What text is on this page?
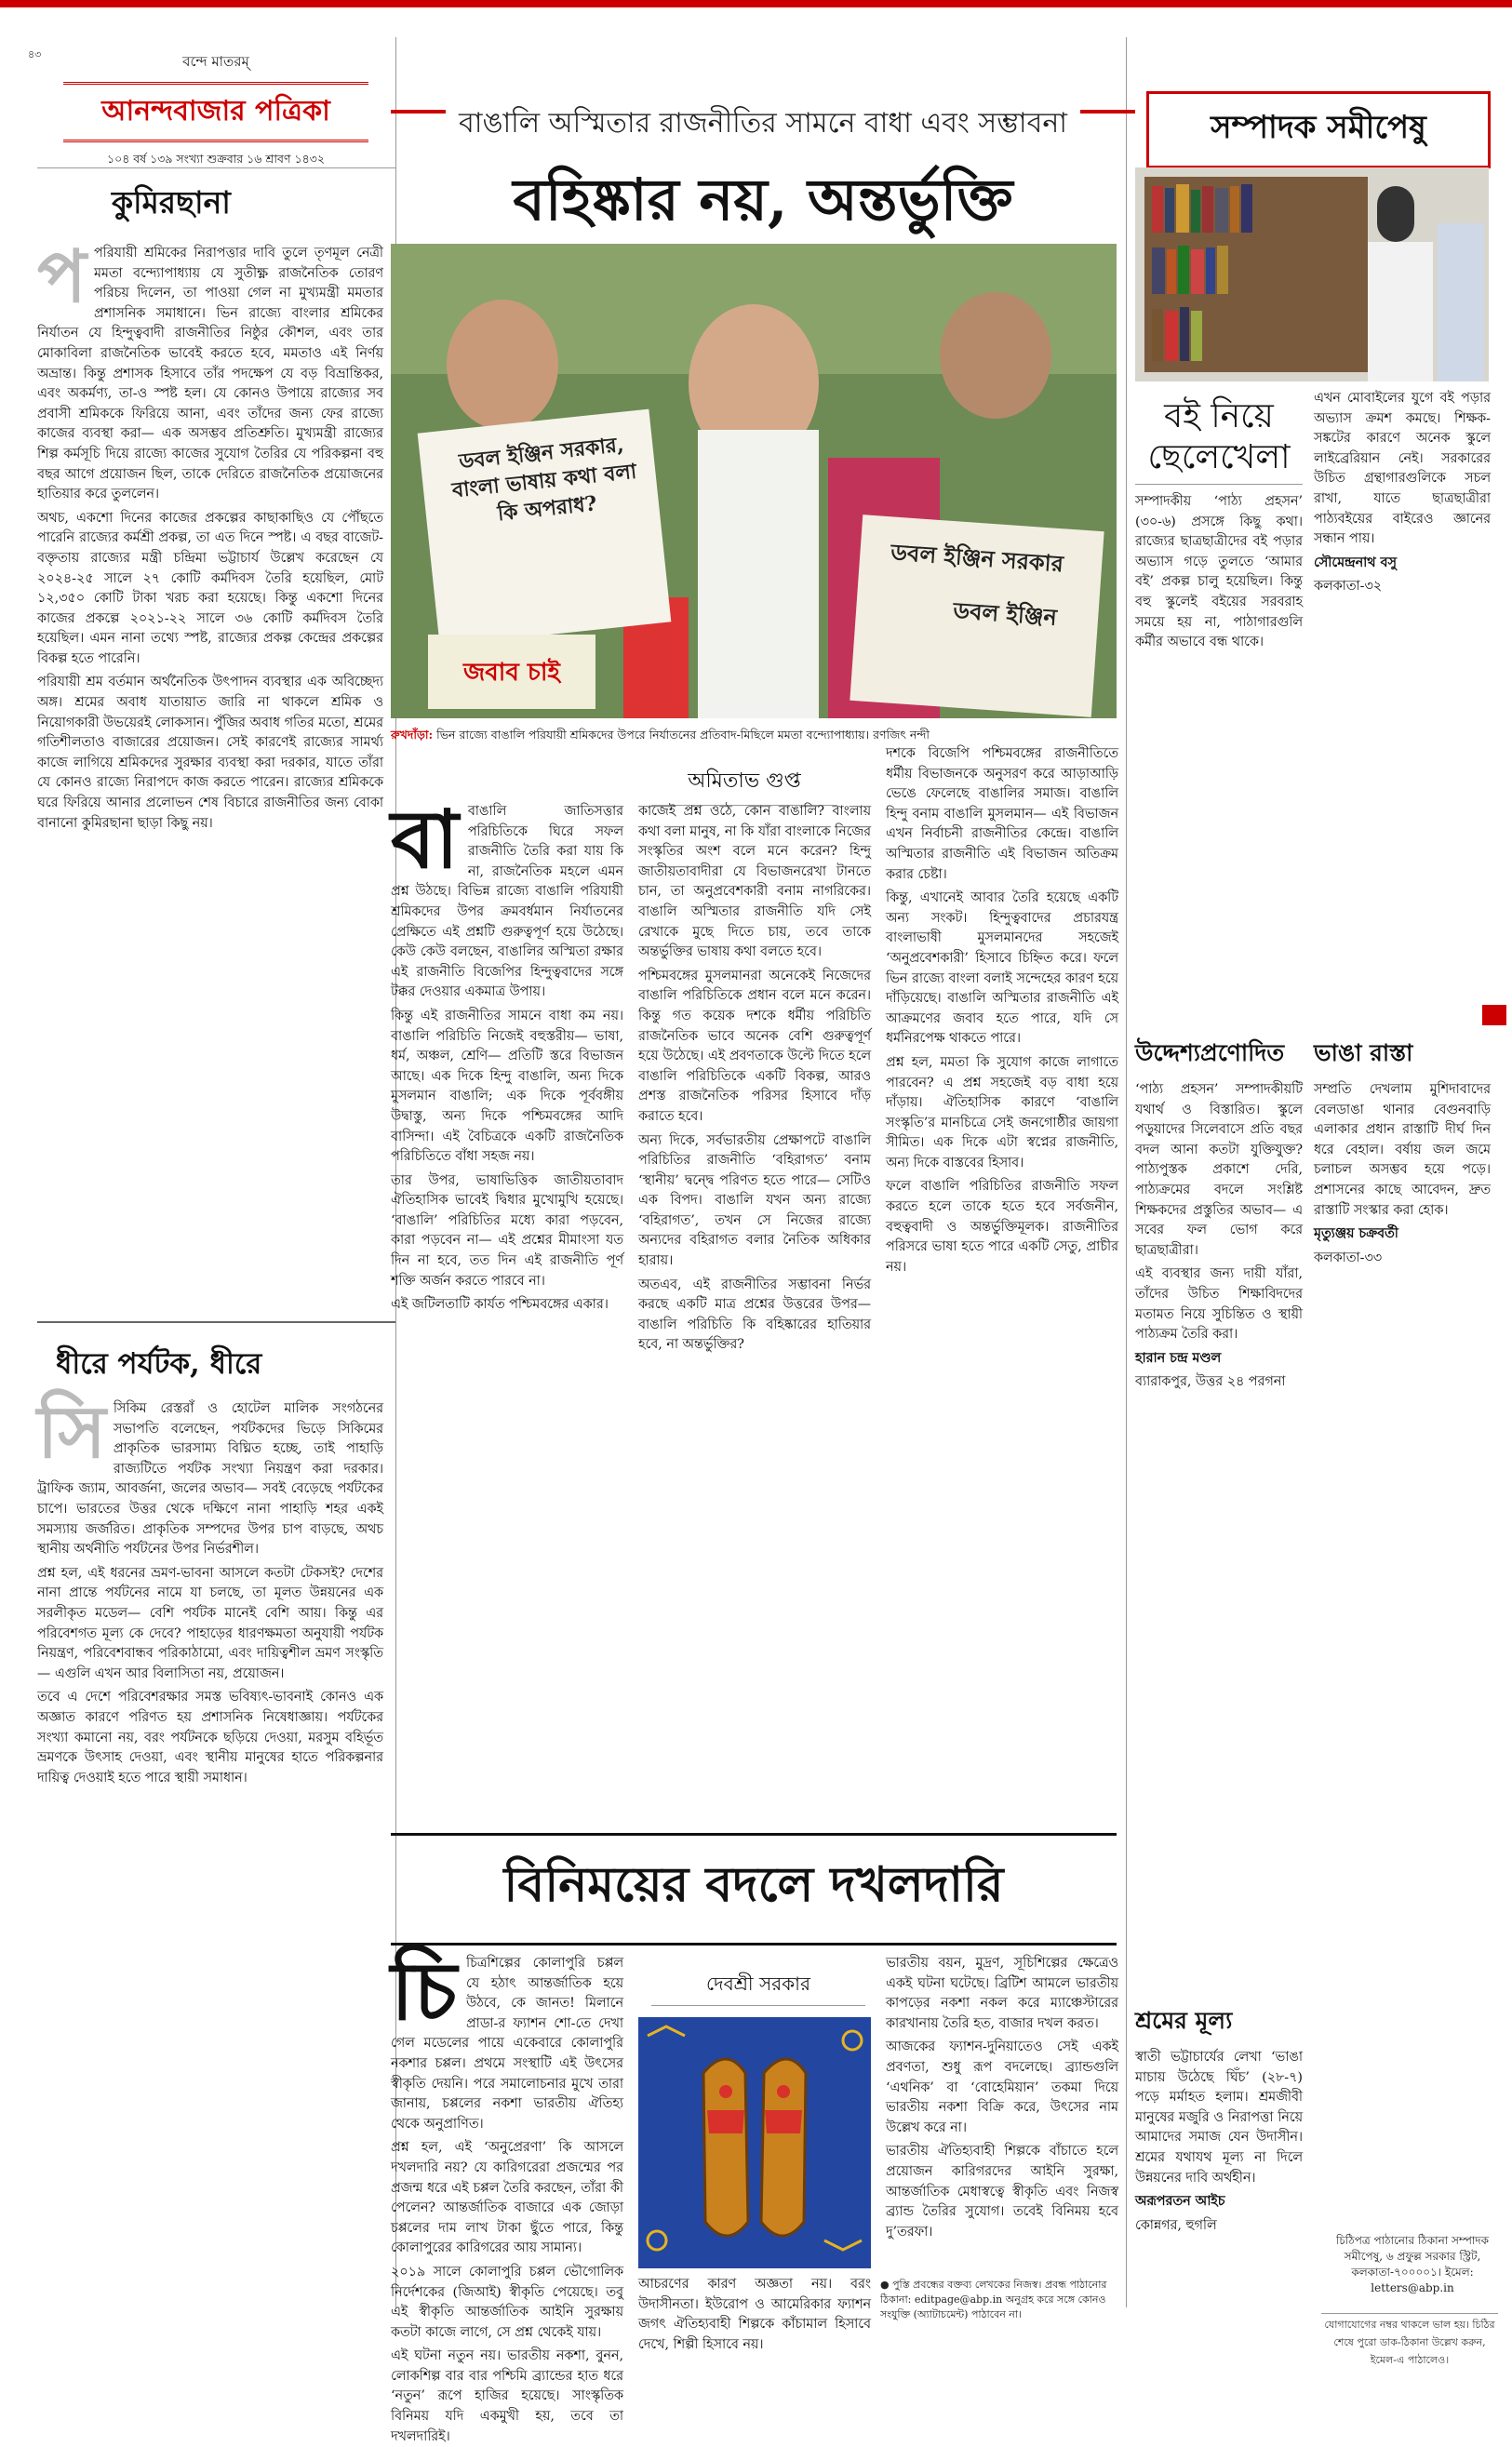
৪৩	বন্দে মাতরম্‌
আনন্দবাজার পত্রিকা
১০৪ বর্ষ ১৩৯ সংখ্যা শুক্রবার ১৬ শ্রাবণ ১৪৩২
কুমিরছানা
প পরিযায়ী শ্রমিকের নিরাপত্তার দাবি তুলে তৃণমূল নেত্রী মমতা বন্দ্যোপাধ্যায় যে সুতীক্ষ্ণ রাজনৈতিক তোরণ পরিচয় দিলেন, তা পাওয়া গেল না মুখ্যমন্ত্রী মমতার প্রশাসনিক সমাধানে। ভিন রাজ্যে বাংলার শ্রমিকের নির্যাতন যে হিন্দুত্ববাদী রাজনীতির নিষ্ঠুর কৌশল, এবং তার মোকাবিলা রাজনৈতিক ভাবেই করতে হবে, মমতাও এই নির্ণয় অভ্রান্ত। কিন্তু প্রশাসক হিসাবে তাঁর পদক্ষেপ যে বড় বিভ্রান্তিকর, এবং অকর্মণ্য, তা-ও স্পষ্ট হল। যে কোনও উপায়ে রাজ্যের সব প্রবাসী শ্রমিককে ফিরিয়ে আনা, এবং তাঁদের জন্য ফের রাজ্যে কাজের ব্যবস্থা করা— এক অসম্ভব প্রতিশ্রুতি। মুখ্যমন্ত্রী রাজ্যের শিল্প কর্মসূচি দিয়ে রাজ্যে কাজের সুযোগ তৈরির যে পরিকল্পনা বহু বছর আগে প্রয়োজন ছিল, তাকে দেরিতে রাজনৈতিক প্রয়োজনের হাতিয়ার করে তুললেন।

অথচ, একশো দিনের কাজের প্রকল্পের কাছাকাছিও যে পৌঁছতে পারেনি রাজ্যের কর্মশ্রী প্রকল্প, তা এত দিনে স্পষ্ট। এ বছর বাজেট-বক্তৃতায় রাজ্যের মন্ত্রী চন্দ্রিমা ভট্টাচার্য উল্লেখ করেছেন যে ২০২৪-২৫ সালে ২৭ কোটি কর্মদিবস তৈরি হয়েছিল, মোট ১২,৩৫০ কোটি টাকা খরচ করা হয়েছে। কিন্তু একশো দিনের কাজের প্রকল্পে ২০২১-২২ সালে ৩৬ কোটি কর্মদিবস তৈরি হয়েছিল। এমন নানা তথ্যে স্পষ্ট, রাজ্যের প্রকল্প কেন্দ্রের প্রকল্পের বিকল্প হতে পারেনি।

পরিযায়ী শ্রম বর্তমান অর্থনৈতিক উৎপাদন ব্যবস্থার এক অবিচ্ছেদ্য অঙ্গ। শ্রমের অবাধ যাতায়াত জারি না থাকলে শ্রমিক ও নিয়োগকারী উভয়েরই লোকসান। পুঁজির অবাধ গতির মতো, শ্রমের গতিশীলতাও বাজারের প্রয়োজন। সেই কারণেই রাজ্যের সামর্থ্য কাজে লাগিয়ে শ্রমিকদের সুরক্ষার ব্যবস্থা করা দরকার, যাতে তাঁরা যে কোনও রাজ্যে নিরাপদে কাজ করতে পারেন। রাজ্যের শ্রমিককে ঘরে ফিরিয়ে আনার প্রলোভন শেষ বিচারে রাজনীতির জন্য বোকা বানানো কুমিরছানা ছাড়া কিছু নয়।

ধীরে পর্যটক, ধীরে
সি সিকিম রেস্তরাঁ ও হোটেল মালিক সংগঠনের সভাপতি বলেছেন, পর্যটকদের ভিড়ে সিকিমের প্রাকৃতিক ভারসাম্য বিঘ্নিত হচ্ছে, তাই পাহাড়ি রাজ্যটিতে পর্যটক সংখ্যা নিয়ন্ত্রণ করা দরকার। ট্রাফিক জ্যাম, আবর্জনা, জলের অভাব— সবই বেড়েছে পর্যটকের চাপে। ভারতের উত্তর থেকে দক্ষিণে নানা পাহাড়ি শহর একই সমস্যায় জর্জরিত। প্রাকৃতিক সম্পদের উপর চাপ বাড়ছে, অথচ স্থানীয় অর্থনীতি পর্যটনের উপর নির্ভরশীল।

প্রশ্ন হল, এই ধরনের ভ্রমণ-ভাবনা আসলে কতটা টেকসই? দেশের নানা প্রান্তে পর্যটনের নামে যা চলছে, তা মূলত উন্নয়নের এক সরলীকৃত মডেল— বেশি পর্যটক মানেই বেশি আয়। কিন্তু এর পরিবেশগত মূল্য কে দেবে? পাহাড়ের ধারণক্ষমতা অনুযায়ী পর্যটক নিয়ন্ত্রণ, পরিবেশবান্ধব পরিকাঠামো, এবং দায়িত্বশীল ভ্রমণ সংস্কৃতি— এগুলি এখন আর বিলাসিতা নয়, প্রয়োজন।

তবে এ দেশে পরিবেশরক্ষার সমস্ত ভবিষ্যৎ-ভাবনাই কোনও এক অজ্ঞাত কারণে পরিণত হয় প্রশাসনিক নিষেধাজ্ঞায়। পর্যটকের সংখ্যা কমানো নয়, বরং পর্যটনকে ছড়িয়ে দেওয়া, মরসুম বহির্ভূত ভ্রমণকে উৎসাহ দেওয়া, এবং স্থানীয় মানুষের হাতে পরিকল্পনার দায়িত্ব দেওয়াই হতে পারে স্থায়ী সমাধান।

বাঙালি অস্মিতার রাজনীতির সামনে বাধা এবং সম্ভাবনা
বহিষ্কার নয়, অন্তর্ভুক্তি
ডবল ইঞ্জিন সরকার, বাংলা ভাষায় কথা বলা কি অপরাধ?
ডবল ইঞ্জিন সরকার
ডবল ইঞ্জিন
জবাব চাই
রুখদাঁড়া: ভিন রাজ্যে বাঙালি পরিযায়ী শ্রমিকদের উপরে নির্যাতনের প্রতিবাদ-মিছিলে মমতা বন্দ্যোপাধ্যায়। রণজিৎ নন্দী
অমিতাভ গুপ্ত
বা বাঙালি জাতিসত্তার পরিচিতিকে ঘিরে সফল রাজনীতি তৈরি করা যায় কি না, রাজনৈতিক মহলে এমন প্রশ্ন উঠছে। বিভিন্ন রাজ্যে বাঙালি পরিযায়ী শ্রমিকদের উপর ক্রমবর্ধমান নির্যাতনের প্রেক্ষিতে এই প্রশ্নটি গুরুত্বপূর্ণ হয়ে উঠেছে। কেউ কেউ বলছেন, বাঙালির অস্মিতা রক্ষার এই রাজনীতি বিজেপির হিন্দুত্ববাদের সঙ্গে টক্কর দেওয়ার একমাত্র উপায়।

কিন্তু এই রাজনীতির সামনে বাধা কম নয়। বাঙালি পরিচিতি নিজেই বহুস্তরীয়— ভাষা, ধর্ম, অঞ্চল, শ্রেণি— প্রতিটি স্তরে বিভাজন আছে। এক দিকে হিন্দু বাঙালি, অন্য দিকে মুসলমান বাঙালি; এক দিকে পূর্ববঙ্গীয় উদ্বাস্তু, অন্য দিকে পশ্চিমবঙ্গের আদি বাসিন্দা। এই বৈচিত্রকে একটি রাজনৈতিক পরিচিতিতে বাঁধা সহজ নয়।

তার উপর, ভাষাভিত্তিক জাতীয়তাবাদ ঐতিহাসিক ভাবেই দ্বিধার মুখোমুখি হয়েছে। ‘বাঙালি’ পরিচিতির মধ্যে কারা পড়বেন, কারা পড়বেন না— এই প্রশ্নের মীমাংসা যত দিন না হবে, তত দিন এই রাজনীতি পূর্ণ শক্তি অর্জন করতে পারবে না।

এই জটিলতাটি কার্যত পশ্চিমবঙ্গের একার।

কাজেই প্রশ্ন ওঠে, কোন বাঙালি? বাংলায় কথা বলা মানুষ, না কি যাঁরা বাংলাকে নিজের সংস্কৃতির অংশ বলে মনে করেন? হিন্দু জাতীয়তাবাদীরা যে বিভাজনরেখা টানতে চান, তা অনুপ্রবেশকারী বনাম নাগরিকের। বাঙালি অস্মিতার রাজনীতি যদি সেই রেখাকে মুছে দিতে চায়, তবে তাকে অন্তর্ভুক্তির ভাষায় কথা বলতে হবে।

পশ্চিমবঙ্গের মুসলমানরা অনেকেই নিজেদের বাঙালি পরিচিতিকে প্রধান বলে মনে করেন। কিন্তু গত কয়েক দশকে ধর্মীয় পরিচিতি রাজনৈতিক ভাবে অনেক বেশি গুরুত্বপূর্ণ হয়ে উঠেছে। এই প্রবণতাকে উল্টে দিতে হলে বাঙালি পরিচিতিকে একটি বিকল্প, আরও প্রশস্ত রাজনৈতিক পরিসর হিসাবে দাঁড় করাতে হবে।

অন্য দিকে, সর্বভারতীয় প্রেক্ষাপটে বাঙালি পরিচিতির রাজনীতি ‘বহিরাগত’ বনাম ‘স্থানীয়’ দ্বন্দ্বে পরিণত হতে পারে— সেটিও এক বিপদ। বাঙালি যখন অন্য রাজ্যে ‘বহিরাগত’, তখন সে নিজের রাজ্যে অন্যদের বহিরাগত বলার নৈতিক অধিকার হারায়।

অতএব, এই রাজনীতির সম্ভাবনা নির্ভর করছে একটি মাত্র প্রশ্নের উত্তরের উপর— বাঙালি পরিচিতি কি বহিষ্কারের হাতিয়ার হবে, না অন্তর্ভুক্তির?

দশকে বিজেপি পশ্চিমবঙ্গের রাজনীতিতে ধর্মীয় বিভাজনকে অনুসরণ করে আড়াআড়ি ভেঙে ফেলেছে বাঙালির সমাজ। বাঙালি হিন্দু বনাম বাঙালি মুসলমান— এই বিভাজন এখন নির্বাচনী রাজনীতির কেন্দ্রে। বাঙালি অস্মিতার রাজনীতি এই বিভাজন অতিক্রম করার চেষ্টা।

কিন্তু, এখানেই আবার তৈরি হয়েছে একটি অন্য সংকট। হিন্দুত্ববাদের প্রচারযন্ত্র বাংলাভাষী মুসলমানদের সহজেই ‘অনুপ্রবেশকারী’ হিসাবে চিহ্নিত করে। ফলে ভিন রাজ্যে বাংলা বলাই সন্দেহের কারণ হয়ে দাঁড়িয়েছে। বাঙালি অস্মিতার রাজনীতি এই আক্রমণের জবাব হতে পারে, যদি সে ধর্মনিরপেক্ষ থাকতে পারে।

প্রশ্ন হল, মমতা কি সুযোগ কাজে লাগাতে পারবেন? এ প্রশ্ন সহজেই বড় বাধা হয়ে দাঁড়ায়। ঐতিহাসিক কারণে ‘বাঙালি সংস্কৃতি’র মানচিত্রে সেই জনগোষ্ঠীর জায়গা সীমিত। এক দিকে এটা স্বপ্নের রাজনীতি, অন্য দিকে বাস্তবের হিসাব।

ফলে বাঙালি পরিচিতির রাজনীতি সফল করতে হলে তাকে হতে হবে সর্বজনীন, বহুত্ববাদী ও অন্তর্ভুক্তিমূলক। রাজনীতির পরিসরে ভাষা হতে পারে একটি সেতু, প্রাচীর নয়।

বিনিময়ের বদলে দখলদারি
চি চিত্রশিল্পের কোলাপুরি চপ্পল যে হঠাৎ আন্তর্জাতিক হয়ে উঠবে, কে জানত! মিলানে প্রাডা-র ফ্যাশন শো-তে দেখা গেল মডেলের পায়ে একেবারে কোলাপুরি নকশার চপ্পল। প্রথমে সংস্থাটি এই উৎসের স্বীকৃতি দেয়নি। পরে সমালোচনার মুখে তারা জানায়, চপ্পলের নকশা ভারতীয় ঐতিহ্য থেকে অনুপ্রাণিত।

প্রশ্ন হল, এই ‘অনুপ্রেরণা’ কি আসলে দখলদারি নয়? যে কারিগরেরা প্রজন্মের পর প্রজন্ম ধরে এই চপ্পল তৈরি করছেন, তাঁরা কী পেলেন? আন্তর্জাতিক বাজারে এক জোড়া চপ্পলের দাম লাখ টাকা ছুঁতে পারে, কিন্তু কোলাপুরের কারিগরের আয় সামান্য।

২০১৯ সালে কোলাপুরি চপ্পল ভৌগোলিক নির্দেশকের (জিআই) স্বীকৃতি পেয়েছে। তবু এই স্বীকৃতি আন্তর্জাতিক আইনি সুরক্ষায় কতটা কাজে লাগে, সে প্রশ্ন থেকেই যায়।

এই ঘটনা নতুন নয়। ভারতীয় নকশা, বুনন, লোকশিল্প বার বার পশ্চিমি ব্র্যান্ডের হাত ধরে ‘নতুন’ রূপে হাজির হয়েছে। সাংস্কৃতিক বিনিময় যদি একমুখী হয়, তবে তা দখলদারিই।

দেবশ্রী সরকার

আচরণের কারণ অজ্ঞতা নয়। বরং উদাসীনতা। ইউরোপ ও আমেরিকার ফ্যাশন জগৎ ঐতিহ্যবাহী শিল্পকে কাঁচামাল হিসাবে দেখে, শিল্পী হিসাবে নয়।

ভারতীয় বয়ন, মুদ্রণ, সূচিশিল্পের ক্ষেত্রেও একই ঘটনা ঘটেছে। ব্রিটিশ আমলে ভারতীয় কাপড়ের নকশা নকল করে ম্যাঞ্চেস্টারের কারখানায় তৈরি হত, বাজার দখল করত।

আজকের ফ্যাশন-দুনিয়াতেও সেই একই প্রবণতা, শুধু রূপ বদলেছে। ব্র্যান্ডগুলি ‘এথনিক’ বা ‘বোহেমিয়ান’ তকমা দিয়ে ভারতীয় নকশা বিক্রি করে, উৎসের নাম উল্লেখ করে না।

ভারতীয় ঐতিহ্যবাহী শিল্পকে বাঁচাতে হলে প্রয়োজন কারিগরদের আইনি সুরক্ষা, আন্তর্জাতিক মেধাস্বত্বে স্বীকৃতি এবং নিজস্ব ব্র্যান্ড তৈরির সুযোগ। তবেই বিনিময় হবে দু’তরফা।

● পুস্তি প্রবন্ধের বক্তব্য লেখকের নিজস্ব। প্রবন্ধ পাঠানোর ঠিকানা: editpage@abp.in অনুগ্রহ করে সঙ্গে কোনও সংযুক্তি (অ্যাটাচমেন্ট) পাঠাবেন না।
সম্পাদক সমীপেষু
বই নিয়ে ছেলেখেলা

সম্পাদকীয় ‘পাঠ্য প্রহসন’ (৩০-৬) প্রসঙ্গে কিছু কথা। রাজ্যের ছাত্রছাত্রীদের বই পড়ার অভ্যাস গড়ে তুলতে ‘আমার বই’ প্রকল্প চালু হয়েছিল। কিন্তু বহু স্কুলেই বইয়ের সরবরাহ সময়ে হয় না, পাঠাগারগুলি কর্মীর অভাবে বন্ধ থাকে।

এখন মোবাইলের যুগে বই পড়ার অভ্যাস ক্রমশ কমছে। শিক্ষক-সঙ্কটের কারণে অনেক স্কুলে লাইব্রেরিয়ান নেই। সরকারের উচিত গ্রন্থাগারগুলিকে সচল রাখা, যাতে ছাত্রছাত্রীরা পাঠ্যবইয়ের বাইরেও জ্ঞানের সন্ধান পায়।

সৌমেন্দ্রনাথ বসু

কলকাতা-৩২

উদ্দেশ্যপ্রণোদিত

‘পাঠ্য প্রহসন’ সম্পাদকীয়টি যথার্থ ও বিস্তারিত। স্কুলে পড়ুয়াদের সিলেবাসে প্রতি বছর বদল আনা কতটা যুক্তিযুক্ত? পাঠ্যপুস্তক প্রকাশে দেরি, পাঠ্যক্রমের বদলে সংশ্লিষ্ট শিক্ষকদের প্রস্তুতির অভাব— এ সবের ফল ভোগ করে ছাত্রছাত্রীরা।

এই ব্যবস্থার জন্য দায়ী যাঁরা, তাঁদের উচিত শিক্ষাবিদদের মতামত নিয়ে সুচিন্তিত ও স্থায়ী পাঠ্যক্রম তৈরি করা।

হারান চন্দ্র মণ্ডল

ব্যারাকপুর, উত্তর ২৪ পরগনা

ভাঙা রাস্তা

সম্প্রতি দেখলাম মুশিদাবাদের বেলডাঙা থানার বেগুনবাড়ি এলাকার প্রধান রাস্তাটি দীর্ঘ দিন ধরে বেহাল। বর্ষায় জল জমে চলাচল অসম্ভব হয়ে পড়ে। প্রশাসনের কাছে আবেদন, দ্রুত রাস্তাটি সংস্কার করা হোক।

মৃত্যুঞ্জয় চক্রবর্তী

কলকাতা-৩৩

শ্রমের মূল্য

স্বাতী ভট্টাচার্যের লেখা ‘ভাঙা মাচায় উঠেছে ঘিঁচ’ (২৮-৭) পড়ে মর্মাহত হলাম। শ্রমজীবী মানুষের মজুরি ও নিরাপত্তা নিয়ে আমাদের সমাজ যেন উদাসীন। শ্রমের যথাযথ মূল্য না দিলে উন্নয়নের দাবি অর্থহীন।

অরূপরতন আইচ

কোন্নগর, হুগলি

চিঠিপত্র পাঠানোর ঠিকানা সম্পাদক সমীপেষু, ৬ প্রফুল্ল সরকার স্ট্রিট, কলকাতা-৭০০০০১। ইমেল: letters@abp.in
যোগাযোগের নম্বর থাকলে ভাল হয়। চিঠির শেষে পুরো ডাক-ঠিকানা উল্লেখ করুন, ইমেল-এ পাঠালেও।
